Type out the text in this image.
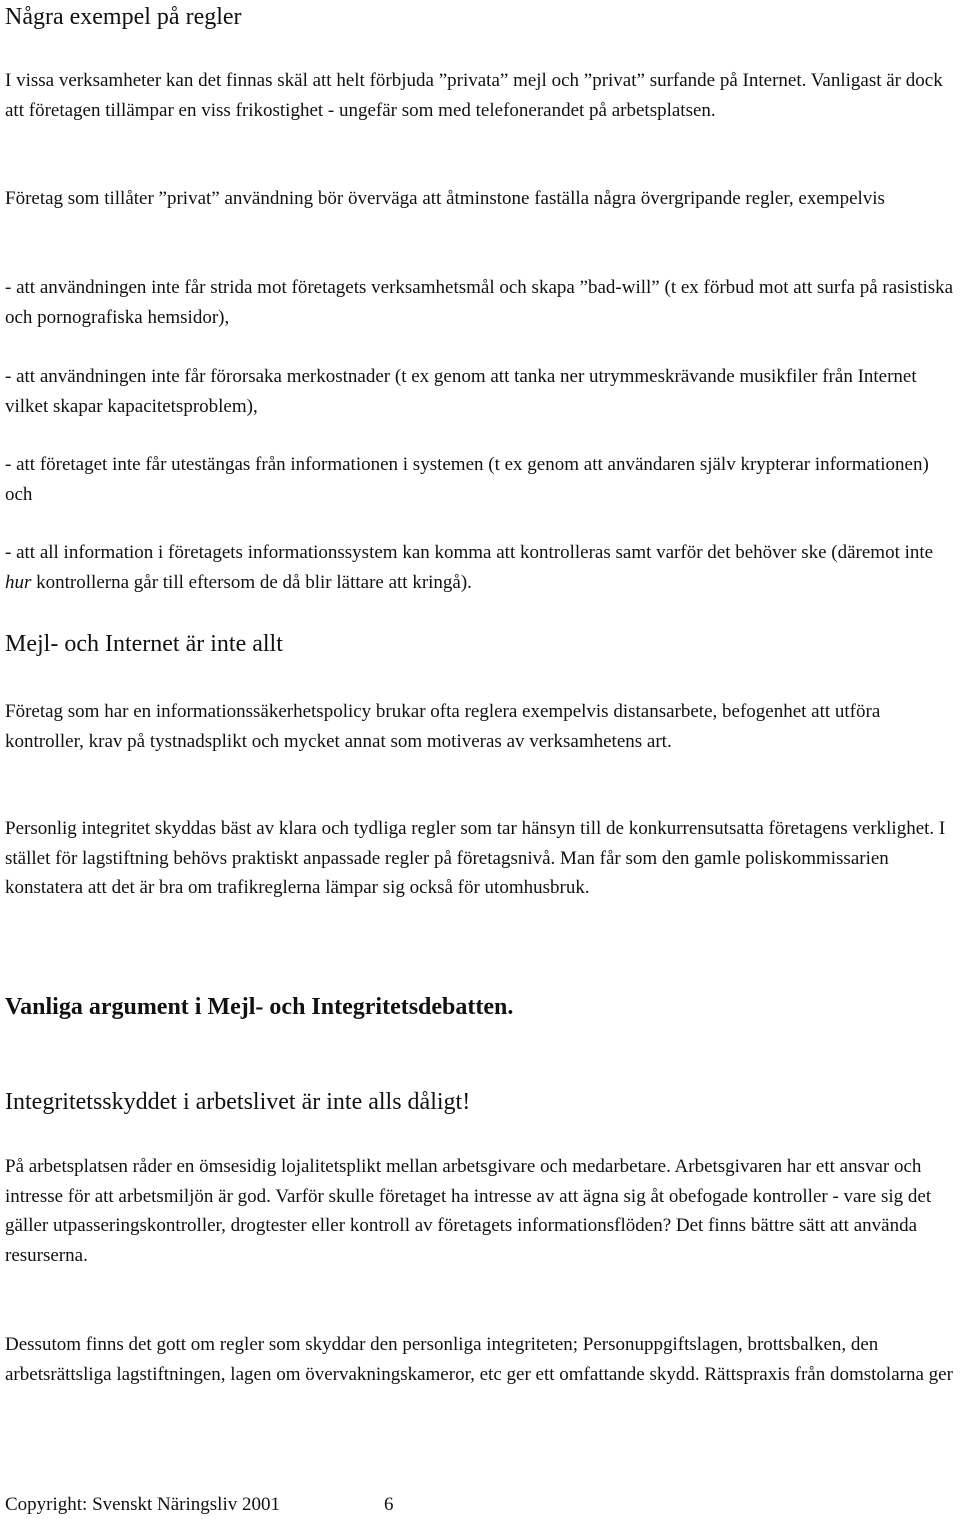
Några exempel på regler

I vissa verksamheter kan det finnas skäl att helt förbjuda ”privata” mejl och ”privat” surfande på Internet. Vanligast är dock att företagen tillämpar en viss frikostighet - ungefär som med telefonerandet på arbetsplatsen.

Företag som tillåter ”privat” användning bör överväga att åtminstone faställa några övergripande regler, exempelvis

- att användningen inte får strida mot företagets verksamhetsmål och skapa ”bad-will” (t ex förbud mot att surfa på rasistiska och pornografiska hemsidor),

- att användningen inte får förorsaka merkostnader (t ex genom att tanka ner utrymmeskrävande musikfiler från Internet vilket skapar kapacitetsproblem),

- att företaget inte får utestängas från informationen i systemen (t ex genom att användaren själv krypterar informationen) och

- att all information i företagets informationssystem kan komma att kontrolleras samt varför det behöver ske (däremot inte hur kontrollerna går till eftersom de då blir lättare att kringå).

Mejl- och Internet är inte allt

Företag som har en informationssäkerhetspolicy brukar ofta reglera exempelvis distansarbete, befogenhet att utföra kontroller, krav på tystnadsplikt och mycket annat som motiveras av verksamhetens art.

Personlig integritet skyddas bäst av klara och tydliga regler som tar hänsyn till de konkurrensutsatta företagens verklighet. I stället för lagstiftning behövs praktiskt anpassade regler på företagsnivå. Man får som den gamle poliskommissarien konstatera att det är bra om trafikreglerna lämpar sig också för utomhusbruk.

Vanliga argument i Mejl- och Integritetsdebatten.
Integritetsskyddet i arbetslivet är inte alls dåligt!

På arbetsplatsen råder en ömsesidig lojalitetsplikt mellan arbetsgivare och medarbetare. Arbetsgivaren har ett ansvar och intresse för att arbetsmiljön är god. Varför skulle företaget ha intresse av att ägna sig åt obefogade kontroller - vare sig det gäller utpasseringskontroller, drogtester eller kontroll av företagets informationsflöden? Det finns bättre sätt att använda resurserna.

Dessutom finns det gott om regler som skyddar den personliga integriteten; Personuppgiftslagen, brottsbalken, den arbetsrättsliga lagstiftningen, lagen om övervakningskameror, etc ger ett omfattande skydd. Rättspraxis från domstolarna ger

Copyright: Svenskt Näringsliv 2001	6
